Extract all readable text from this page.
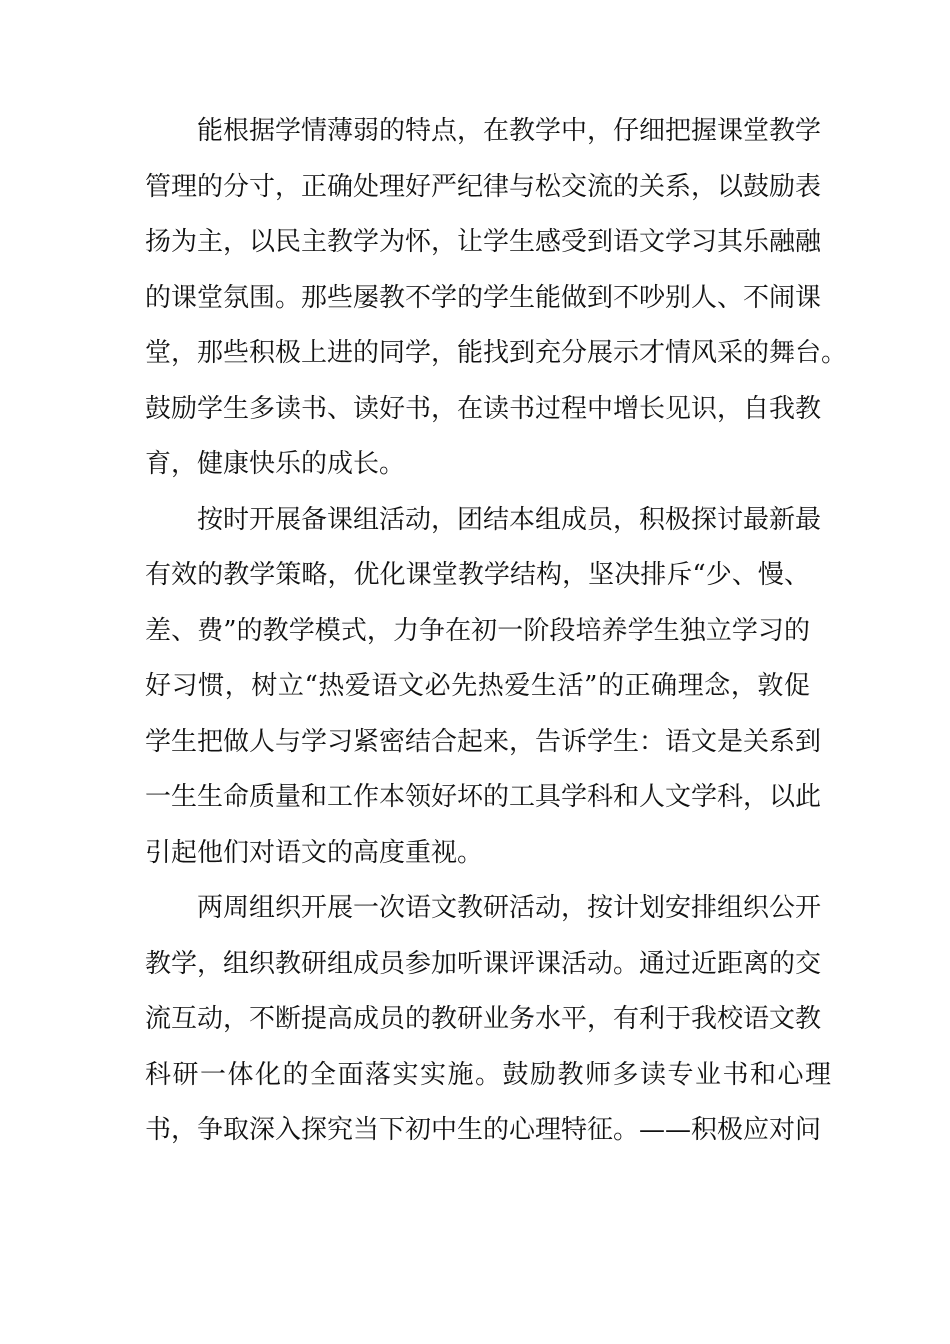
能根据学情薄弱的特点，在教学中，仔细把握课堂教学
管理的分寸，正确处理好严纪律与松交流的关系，以鼓励表
扬为主，以民主教学为怀，让学生感受到语文学习其乐融融
的课堂氛围。那些屡教不学的学生能做到不吵别人、不闹课
堂，那些积极上进的同学，能找到充分展示才情风采的舞台。
鼓励学生多读书、读好书，在读书过程中增长见识，自我教
育，健康快乐的成长。
按时开展备课组活动，团结本组成员，积极探讨最新最
有效的教学策略，优化课堂教学结构，坚决排斥“少、慢、
差、费”的教学模式，力争在初一阶段培养学生独立学习的
好习惯，树立“热爱语文必先热爱生活”的正确理念，敦促
学生把做人与学习紧密结合起来，告诉学生：语文是关系到
一生生命质量和工作本领好坏的工具学科和人文学科，以此
引起他们对语文的高度重视。
两周组织开展一次语文教研活动，按计划安排组织公开
教学，组织教研组成员参加听课评课活动。通过近距离的交
流互动，不断提高成员的教研业务水平，有利于我校语文教
科研一体化的全面落实实施。鼓励教师多读专业书和心理
书，争取深入探究当下初中生的心理特征。——积极应对问
